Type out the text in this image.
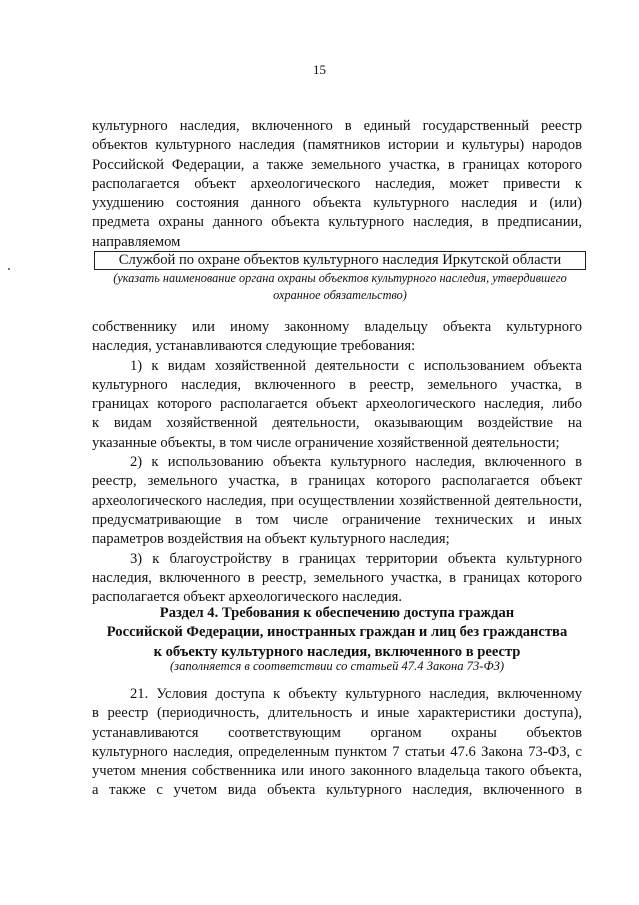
15
культурного наследия, включенного в единый государственный реестр
объектов культурного наследия (памятников истории и культуры) народов
Российской Федерации, а также земельного участка, в границах которого
располагается объект археологического наследия, может привести к
ухудшению состояния данного объекта культурного наследия и (или)
предмета охраны данного объекта культурного наследия, в предписании,
направляемом
Службой по охране объектов культурного наследия Иркутской области
(указать наименование органа охраны объектов культурного наследия, утвердившего
охранное обязательство)
собственнику или иному законному владельцу объекта культурного
наследия, устанавливаются следующие требования:
1) к видам хозяйственной деятельности с использованием объекта
культурного наследия, включенного в реестр, земельного участка, в
границах которого располагается объект археологического наследия, либо
к видам хозяйственной деятельности, оказывающим воздействие на
указанные объекты, в том числе ограничение хозяйственной деятельности;
2) к использованию объекта культурного наследия, включенного в
реестр, земельного участка, в границах которого располагается объект
археологического наследия, при осуществлении хозяйственной деятельности,
предусматривающие в том числе ограничение технических и иных
параметров воздействия на объект культурного наследия;
3) к благоустройству в границах территории объекта культурного
наследия, включенного в реестр, земельного участка, в границах которого
располагается объект археологического наследия.
Раздел 4. Требования к обеспечению доступа граждан
Российской Федерации, иностранных граждан и лиц без гражданства
к объекту культурного наследия, включенного в реестр
(заполняется в соответствии со статьей 47.4 Закона 73-ФЗ)
21. Условия доступа к объекту культурного наследия, включенному
в реестр (периодичность, длительность и иные характеристики доступа),
устанавливаются соответствующим органом охраны объектов
культурного наследия, определенным пунктом 7 статьи 47.6 Закона 73-ФЗ, с
учетом мнения собственника или иного законного владельца такого объекта,
а также с учетом вида объекта культурного наследия, включенного в
